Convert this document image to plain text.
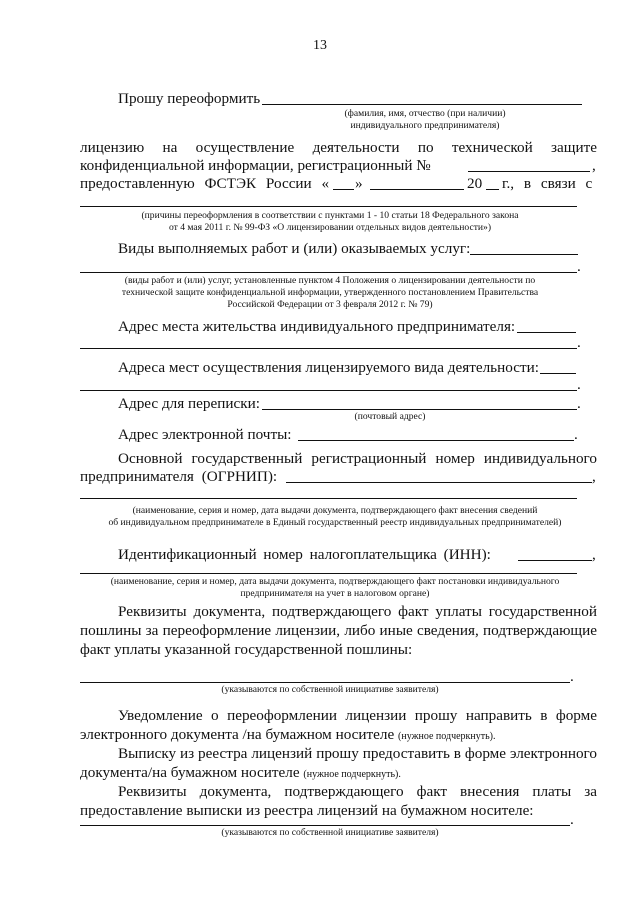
13
Прошу переоформить
(фамилия, имя, отчество (при наличии)
индивидуального предпринимателя)
лицензию на осуществление деятельности по технической защите
конфиденциальной информации, регистрационный №	,
предоставленную ФСТЭК России « »	20 г., в связи с
(причины переоформления в соответствии с пунктами 1 - 10 статьи 18 Федерального закона
от 4 мая 2011 г. № 99-ФЗ «О лицензировании отдельных видов деятельности»)
Виды выполняемых работ и (или) оказываемых услуг:
.
(виды работ и (или) услуг, установленные пунктом 4 Положения о лицензировании деятельности по
технической защите конфиденциальной информации, утвержденного постановлением Правительства
Российской Федерации от 3 февраля 2012 г. № 79)
Адрес места жительства индивидуального предпринимателя:
.
Адреса мест осуществления лицензируемого вида деятельности:
.
Адрес для переписки:	.
(почтовый адрес)
Адрес электронной почты:	.
Основной государственный регистрационный номер индивидуального
предпринимателя (ОГРНИП):	,
(наименование, серия и номер, дата выдачи документа, подтверждающего факт внесения сведений
об индивидуальном предпринимателе в Единый государственный реестр индивидуальных предпринимателей)
Идентификационный номер налогоплательщика (ИНН):	,
(наименование, серия и номер, дата выдачи документа, подтверждающего факт постановки индивидуального
предпринимателя на учет в налоговом органе)
Реквизиты документа, подтверждающего факт уплаты государственной
пошлины за переоформление лицензии, либо иные сведения, подтверждающие
факт уплаты указанной государственной пошлины:
.
(указываются по собственной инициативе заявителя)
Уведомление о переоформлении лицензии прошу направить в форме
электронного документа /на бумажном носителе (нужное подчеркнуть).
Выписку из реестра лицензий прошу предоставить в форме электронного
документа/на бумажном носителе (нужное подчеркнуть).
Реквизиты документа, подтверждающего факт внесения платы за
предоставление выписки из реестра лицензий на бумажном носителе:
.
(указываются по собственной инициативе заявителя)
